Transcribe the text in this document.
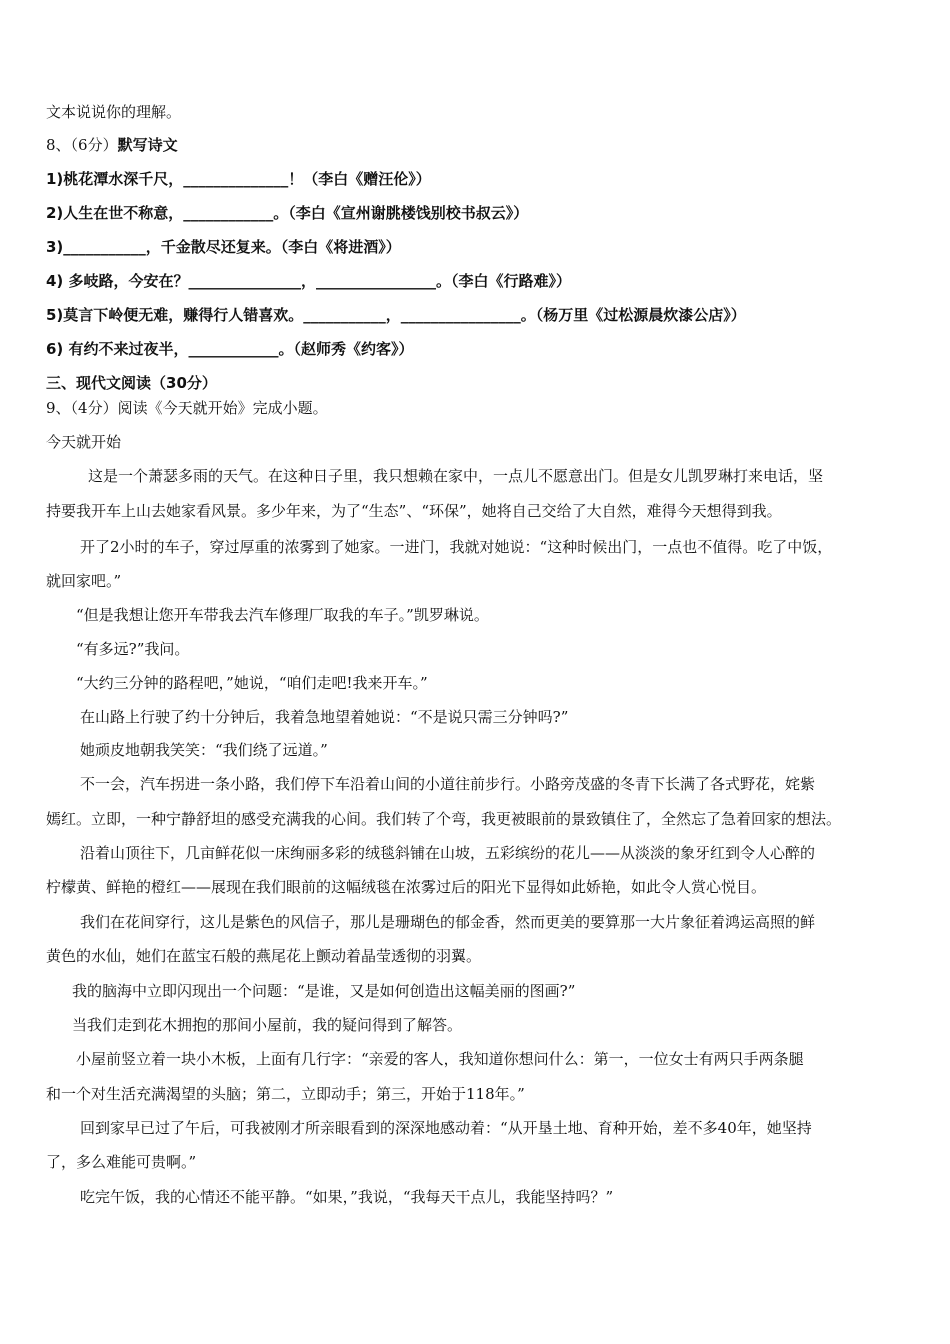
文本说说你的理解。
8、（6分）默写诗文
1)桃花潭水深千尺，______________！（李白《赠汪伦》）
2)人生在世不称意，____________。（李白《宣州谢朓楼饯别校书叔云》）
3)___________，千金散尽还复来。（李白《将进酒》）
4) 多岐路，今安在？_______________，________________。（李白《行路难》）
5)莫言下岭便无难，赚得行人错喜欢。___________，________________。（杨万里《过松源晨炊漆公店》）
6) 有约不来过夜半，____________。（赵师秀《约客》）
三、现代文阅读（30分）
9、（4分）阅读《今天就开始》完成小题。
今天就开始
这是一个萧瑟多雨的天气。在这种日子里，我只想赖在家中，一点儿不愿意出门。但是女儿凯罗琳打来电话，坚
持要我开车上山去她家看风景。多少年来，为了“生态”、“环保”，她将自己交给了大自然，难得今天想得到我。
开了2小时的车子，穿过厚重的浓雾到了她家。一进门，我就对她说：“这种时候出门，一点也不值得。吃了中饭，
就回家吧。”
“但是我想让您开车带我去汽车修理厂取我的车子。”凯罗琳说。
“有多远?”我问。
“大约三分钟的路程吧，”她说，“咱们走吧!我来开车。”
在山路上行驶了约十分钟后，我着急地望着她说：“不是说只需三分钟吗?”
她顽皮地朝我笑笑：“我们绕了远道。”
不一会，汽车拐进一条小路，我们停下车沿着山间的小道往前步行。小路旁茂盛的冬青下长满了各式野花，姹紫
嫣红。立即，一种宁静舒坦的感受充满我的心间。我们转了个弯，我更被眼前的景致镇住了，全然忘了急着回家的想法。
沿着山顶往下，几亩鲜花似一床绚丽多彩的绒毯斜铺在山坡，五彩缤纷的花儿——从淡淡的象牙红到令人心醉的
柠檬黄、鲜艳的橙红——展现在我们眼前的这幅绒毯在浓雾过后的阳光下显得如此娇艳，如此令人赏心悦目。
我们在花间穿行，这儿是紫色的风信子，那儿是珊瑚色的郁金香，然而更美的要算那一大片象征着鸿运高照的鲜
黄色的水仙，她们在蓝宝石般的燕尾花上颤动着晶莹透彻的羽翼。
我的脑海中立即闪现出一个问题：“是谁，又是如何创造出这幅美丽的图画?”
当我们走到花木拥抱的那间小屋前，我的疑问得到了解答。
小屋前竖立着一块小木板，上面有几行字：“亲爱的客人，我知道你想问什么：第一，一位女士有两只手两条腿
和一个对生活充满渴望的头脑；第二，立即动手；第三，开始于118年。”
回到家早已过了午后，可我被刚才所亲眼看到的深深地感动着：“从开垦土地、育种开始，差不多40年，她坚持
了，多么难能可贵啊。”
吃完午饭，我的心情还不能平静。“如果，”我说，“我每天干点儿，我能坚持吗？”
